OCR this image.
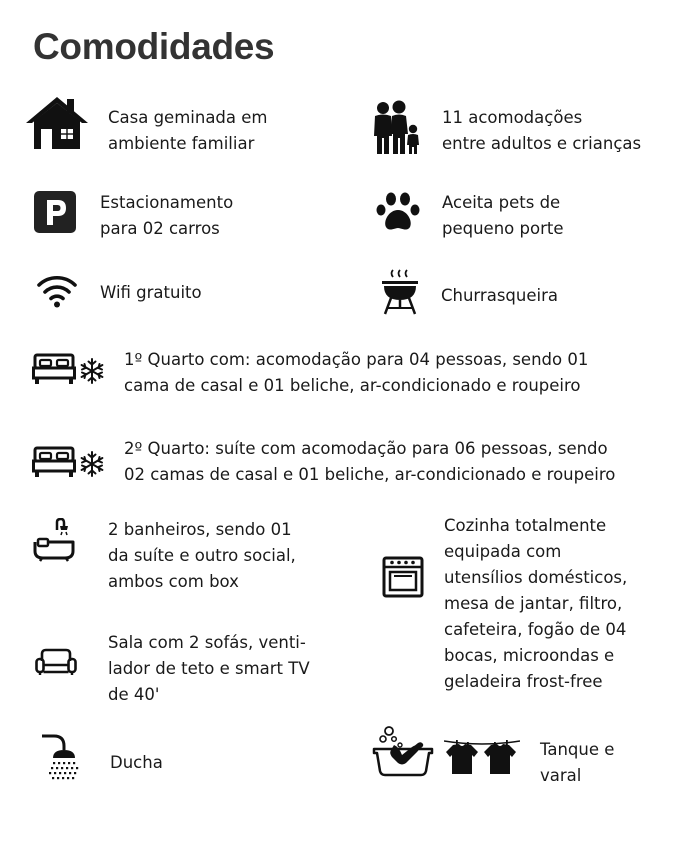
Comodidades
Casa geminada em
ambiente familiar
11 acomodações
entre adultos e crianças
Estacionamento
para 02 carros
Aceita pets de
pequeno porte
Wifi gratuito	Churrasqueira
1º Quarto com: acomodação para 04 pessoas, sendo 01
cama de casal e 01 beliche, ar-condicionado e roupeiro
2º Quarto: suíte com acomodação para 06 pessoas, sendo
02 camas de casal e 01 beliche, ar-condicionado e roupeiro
2 banheiros, sendo 01
da suíte e outro social,
ambos com box
Cozinha totalmente
equipada com
utensílios domésticos,
mesa de jantar, filtro,
cafeteira, fogão de 04
bocas, microondas e
geladeira frost-free
Sala com 2 sofás, venti-
lador de teto e smart TV
de 40'
Ducha
Tanque e
varal
